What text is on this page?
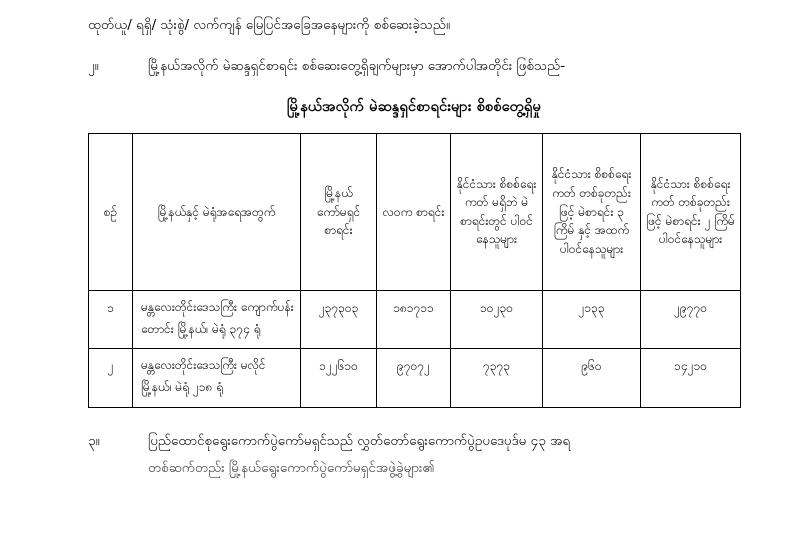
ထုတ်ယူ/ ရရှိ/ သုံးစွဲ/ လက်ကျန် မြေပြင်အခြေအနေများကို စစ်ဆေးခဲ့သည်။

၂။	မြို့နယ်အလိုက် မဲဆန္ဒရှင်စာရင်း စစ်ဆေးတွေ့ရှိချက်များမှာ အောက်ပါအတိုင်း ဖြစ်သည်-
မြို့နယ်အလိုက် မဲဆန္ဒရှင်စာရင်းများ စိစစ်တွေ့ရှိမှု
စဉ်	မြို့နယ်နှင့် မဲရုံအရေအတွက်	မြို့နယ် ကော်မရှင် စာရင်း	လဝက စာရင်း	နိုင်ငံသား စိစစ်ရေးကတ် မရှိဘဲ မဲစာရင်းတွင် ပါဝင်နေသူများ	နိုင်ငံသား စိစစ်ရေးကတ် တစ်ခုတည်းဖြင့် မဲစာရင်း ၃ ကြိမ် နှင့် အထက် ပါဝင်နေသူများ	နိုင်ငံသား စိစစ်ရေးကတ် တစ်ခုတည်းဖြင့် မဲစာရင်း ၂ ကြိမ် ပါဝင်နေသူများ
၁	မန္တလေးတိုင်းဒေသကြီး ကျောက်ပန်းတောင်း မြို့နယ်၊ မဲရုံ ၃၇၄ ရုံ	၂၃၇၃၀၃	၁၈၁၇၁၁	၁၀၂၃၀	၂၁၃၃	၂၉၇၇၀
၂	မန္တလေးတိုင်းဒေသကြီး မလိုင်မြို့နယ်၊ မဲရုံ ၂၁၈ ရုံ	၁၂၂၆၁၀	၉၇၀၇၂	၇၃၇၃	၉၆၀	၁၄၂၁၀
၃။	ပြည်ထောင်စုရွေးကောက်ပွဲကော်မရှင်သည် လွှတ်တော်ရွေးကောက်ပွဲဥပဒေပုဒ်မ ၄၃ အရ
တစ်ဆက်တည်း မြို့နယ်ရွေးကောက်ပွဲကော်မရှင်အဖွဲ့ခွဲများ၏
